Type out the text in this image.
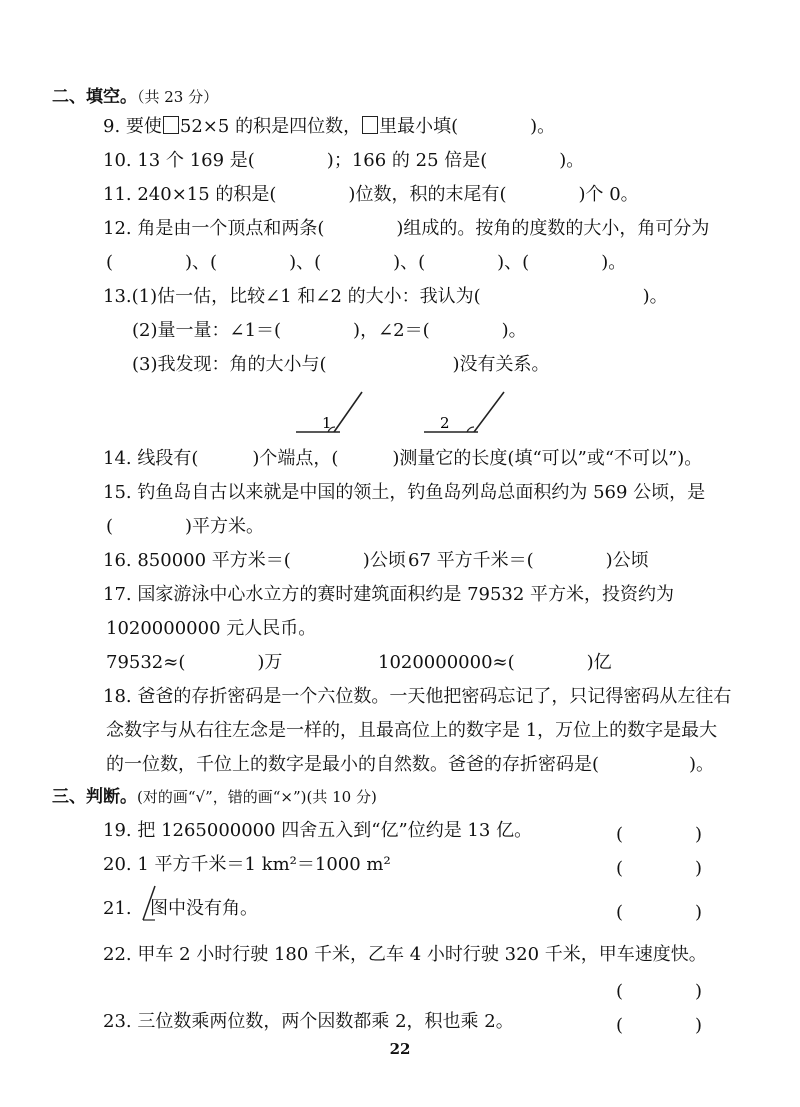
二、填空。（共 23 分）
9. 要使 52×5 的积是四位数， 里最小填(　　　　)。
10. 13 个 169 是(　　　　)；166 的 25 倍是(　　　　)。
11. 240×15 的积是(　　　　)位数，积的末尾有(　　　　)个 0。
12. 角是由一个顶点和两条(　　　　)组成的。按角的度数的大小，角可分为
(　　　　)、(　　　　)、(　　　　)、(　　　　)、(　　　　)。
13.(1)估一估，比较∠1 和∠2 的大小：我认为(　　　　　　　　　)。
(2)量一量：∠1＝(　　　　)，∠2＝(　　　　)。
(3)我发现：角的大小与(　　　　　　　)没有关系。
1	2
14. 线段有(　　　)个端点，(　　　)测量它的长度(填“可以”或“不可以”)。
15. 钓鱼岛自古以来就是中国的领土，钓鱼岛列岛总面积约为 569 公顷，是
(　　　　)平方米。
16. 850000 平方米＝(　　　　)公顷 67 平方千米＝(　　　　)公顷
17. 国家游泳中心水立方的赛时建筑面积约是 79532 平方米，投资约为
1020000000 元人民币。
79532≈(　　　　)万	1020000000≈(　　　　)亿
18. 爸爸的存折密码是一个六位数。一天他把密码忘记了，只记得密码从左往右
念数字与从右往左念是一样的，且最高位上的数字是 1，万位上的数字是最大
的一位数，千位上的数字是最小的自然数。爸爸的存折密码是(　　　　　)。
三、判断。(对的画“√”，错的画“×”)(共 10 分)
19. 把 1265000000 四舍五入到“亿”位约是 13 亿。	(　　　　)
20. 1 平方千米＝1 km²＝1000 m²	(　　　　)
21. 图中没有角。	(　　　　)
22. 甲车 2 小时行驶 180 千米，乙车 4 小时行驶 320 千米，甲车速度快。
(　　　　)
23. 三位数乘两位数，两个因数都乘 2，积也乘 2。	(　　　　)
22
